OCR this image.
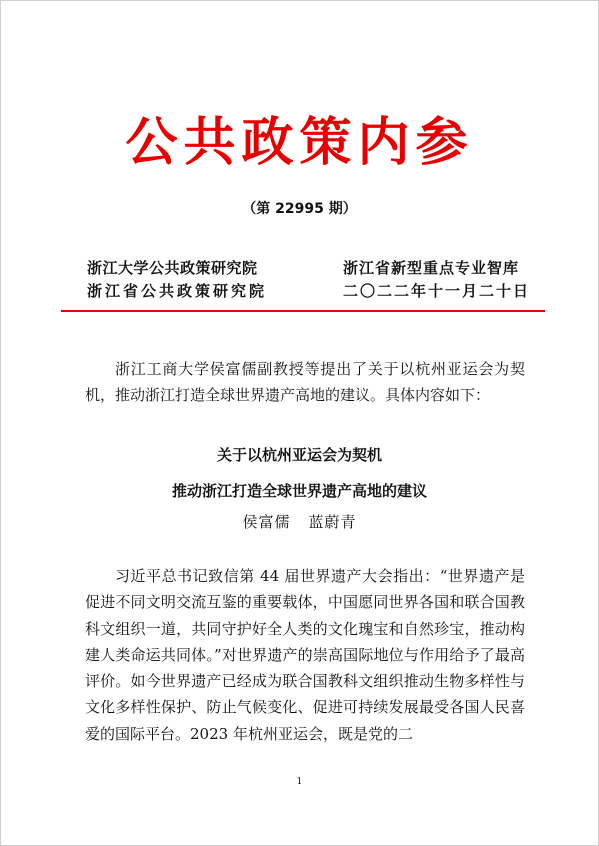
公共政策内参
（第 22995 期）
浙江大学公共政策研究院
浙江省公共政策研究院
浙江省新型重点专业智库
二〇二二年十一月二十日

浙江工商大学侯富儒副教授等提出了关于以杭州亚运会为契机，推动浙江打造全球世界遗产高地的建议。具体内容如下：

关于以杭州亚运会为契机
推动浙江打造全球世界遗产高地的建议
侯富儒 蓝蔚青

习近平总书记致信第 44 届世界遗产大会指出：“世界遗产是促进不同文明交流互鉴的重要载体，中国愿同世界各国和联合国教科文组织一道，共同守护好全人类的文化瑰宝和自然珍宝，推动构建人类命运共同体。”对世界遗产的崇高国际地位与作用给予了最高评价。如今世界遗产已经成为联合国教科文组织推动生物多样性与文化多样性保护、防止气候变化、促进可持续发展最受各国人民喜爱的国际平台。2023 年杭州亚运会，既是党的二

1
